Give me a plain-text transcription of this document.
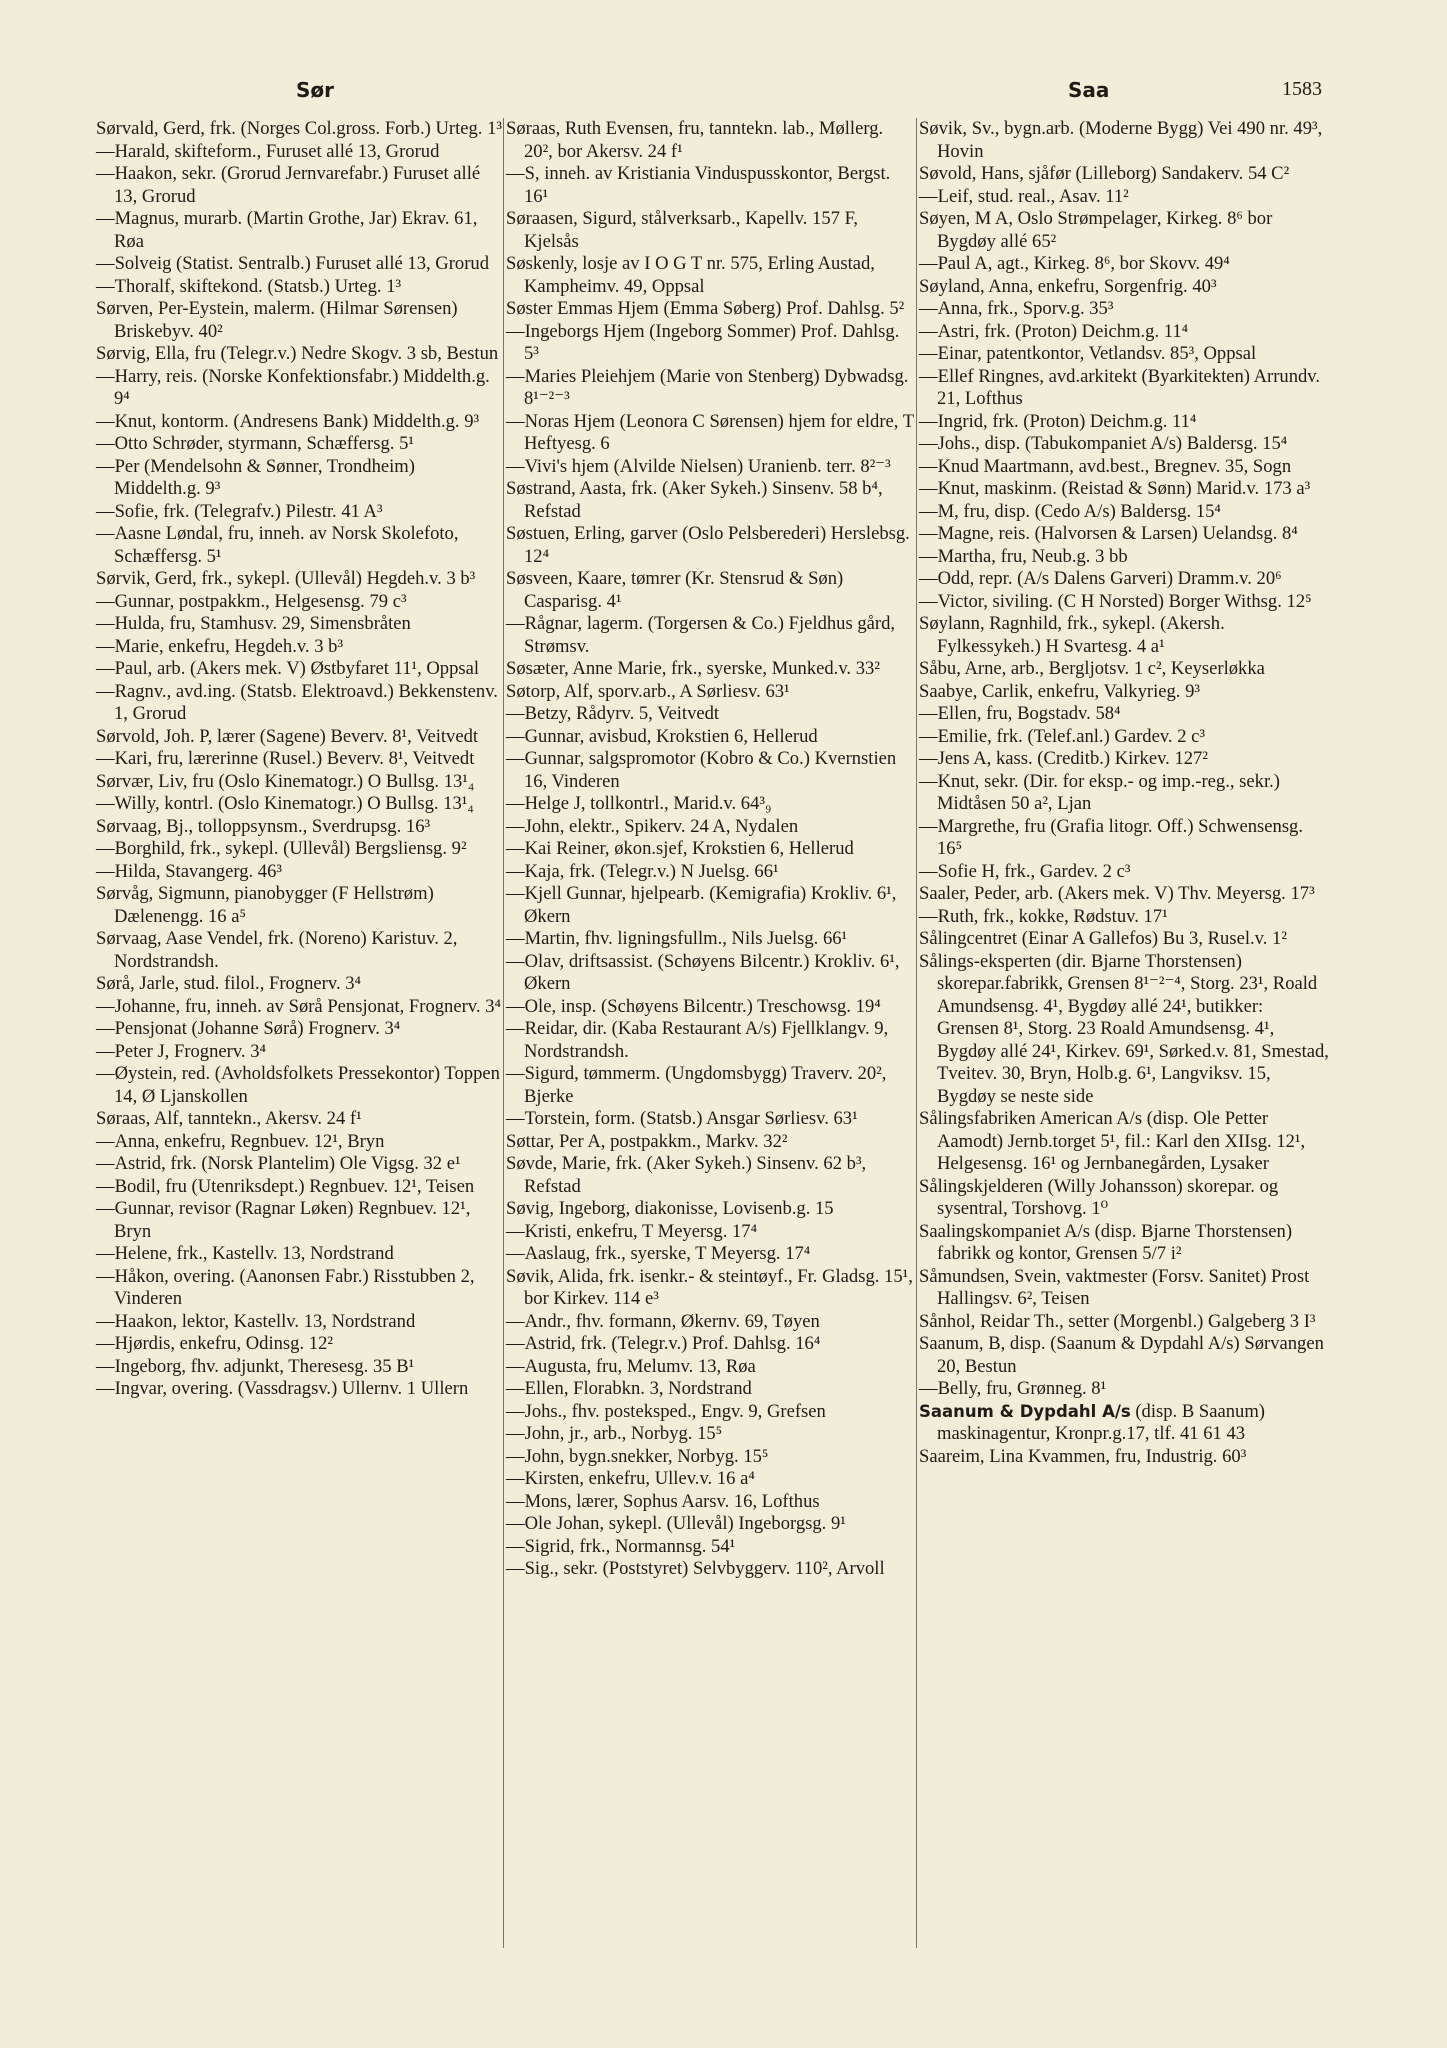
Sør	Saa	1583

Sørvald, Gerd, frk. (Norges Col.gross. Forb.) Urteg. 1³

—Harald, skifteform., Furuset allé 13, Grorud

—Haakon, sekr. (Grorud Jernvarefabr.) Furuset allé 13, Grorud

—Magnus, murarb. (Martin Grothe, Jar) Ekrav. 61, Røa

—Solveig (Statist. Sentralb.) Furuset allé 13, Grorud

—Thoralf, skiftekond. (Statsb.) Urteg. 1³

Sørven, Per-Eystein, malerm. (Hilmar Sørensen) Briskebyv. 40²

Sørvig, Ella, fru (Telegr.v.) Nedre Skogv. 3 sb, Bestun

—Harry, reis. (Norske Konfektionsfabr.) Middelth.g. 9⁴

—Knut, kontorm. (Andresens Bank) Middelth.g. 9³

—Otto Schrøder, styrmann, Schæffersg. 5¹

—Per (Mendelsohn & Sønner, Trondheim) Middelth.g. 9³

—Sofie, frk. (Telegrafv.) Pilestr. 41 A³

—Aasne Løndal, fru, inneh. av Norsk Skolefoto, Schæffersg. 5¹

Sørvik, Gerd, frk., sykepl. (Ullevål) Hegdeh.v. 3 b³

—Gunnar, postpakkm., Helgesensg. 79 c³

—Hulda, fru, Stamhusv. 29, Simensbråten

—Marie, enkefru, Hegdeh.v. 3 b³

—Paul, arb. (Akers mek. V) Østbyfaret 11¹, Oppsal

—Ragnv., avd.ing. (Statsb. Elektroavd.) Bekkenstenv. 1, Grorud

Sørvold, Joh. P, lærer (Sagene) Beverv. 8¹, Veitvedt

—Kari, fru, lærerinne (Rusel.) Beverv. 8¹, Veitvedt

Sørvær, Liv, fru (Oslo Kinematogr.) O Bullsg. 13¹₄

—Willy, kontrl. (Oslo Kinematogr.) O Bullsg. 13¹₄

Sørvaag, Bj., tolloppsynsm., Sverdrupsg. 16³

—Borghild, frk., sykepl. (Ullevål) Bergsliensg. 9²

—Hilda, Stavangerg. 46³

Sørvåg, Sigmunn, pianobygger (F Hellstrøm) Dælenengg. 16 a⁵

Sørvaag, Aase Vendel, frk. (Noreno) Karistuv. 2, Nordstrandsh.

Sørå, Jarle, stud. filol., Frognerv. 3⁴

—Johanne, fru, inneh. av Sørå Pensjonat, Frognerv. 3⁴

—Pensjonat (Johanne Sørå) Frognerv. 3⁴

—Peter J, Frognerv. 3⁴

—Øystein, red. (Avholdsfolkets Pressekontor) Toppen 14, Ø Ljanskollen

Søraas, Alf, tanntekn., Akersv. 24 f¹

—Anna, enkefru, Regnbuev. 12¹, Bryn

—Astrid, frk. (Norsk Plantelim) Ole Vigsg. 32 e¹

—Bodil, fru (Utenriksdept.) Regnbuev. 12¹, Teisen

—Gunnar, revisor (Ragnar Løken) Regnbuev. 12¹, Bryn

—Helene, frk., Kastellv. 13, Nordstrand

—Håkon, overing. (Aanonsen Fabr.) Risstubben 2, Vinderen

—Haakon, lektor, Kastellv. 13, Nordstrand

—Hjørdis, enkefru, Odinsg. 12²

—Ingeborg, fhv. adjunkt, Theresesg. 35 B¹

—Ingvar, overing. (Vassdragsv.) Ullernv. 1 Ullern

Søraas, Ruth Evensen, fru, tanntekn. lab., Møllerg. 20², bor Akersv. 24 f¹

—S, inneh. av Kristiania Vinduspusskontor, Bergst. 16¹

Søraasen, Sigurd, stålverksarb., Kapellv. 157 F, Kjelsås

Søskenly, losje av I O G T nr. 575, Erling Austad, Kampheimv. 49, Oppsal

Søster Emmas Hjem (Emma Søberg) Prof. Dahlsg. 5²

—Ingeborgs Hjem (Ingeborg Sommer) Prof. Dahlsg. 5³

—Maries Pleiehjem (Marie von Stenberg) Dybwadsg. 8¹⁻²⁻³

—Noras Hjem (Leonora C Sørensen) hjem for eldre, T Heftyesg. 6

—Vivi's hjem (Alvilde Nielsen) Uranienb. terr. 8²⁻³

Søstrand, Aasta, frk. (Aker Sykeh.) Sinsenv. 58 b⁴, Refstad

Søstuen, Erling, garver (Oslo Pelsberederi) Herslebsg. 12⁴

Søsveen, Kaare, tømrer (Kr. Stensrud & Søn) Casparisg. 4¹

—Rågnar, lagerm. (Torgersen & Co.) Fjeldhus gård, Strømsv.

Søsæter, Anne Marie, frk., syerske, Munked.v. 33²

Søtorp, Alf, sporv.arb., A Sørliesv. 63¹

—Betzy, Rådyrv. 5, Veitvedt

—Gunnar, avisbud, Krokstien 6, Hellerud

—Gunnar, salgspromotor (Kobro & Co.) Kvernstien 16, Vinderen

—Helge J, tollkontrl., Marid.v. 64³₉

—John, elektr., Spikerv. 24 A, Nydalen

—Kai Reiner, økon.sjef, Krokstien 6, Hellerud

—Kaja, frk. (Telegr.v.) N Juelsg. 66¹

—Kjell Gunnar, hjelpearb. (Kemigrafia) Krokliv. 6¹, Økern

—Martin, fhv. ligningsfullm., Nils Juelsg. 66¹

—Olav, driftsassist. (Schøyens Bilcentr.) Krokliv. 6¹, Økern

—Ole, insp. (Schøyens Bilcentr.) Treschowsg. 19⁴

—Reidar, dir. (Kaba Restaurant A/s) Fjellklangv. 9, Nordstrandsh.

—Sigurd, tømmerm. (Ungdomsbygg) Traverv. 20², Bjerke

—Torstein, form. (Statsb.) Ansgar Sørliesv. 63¹

Søttar, Per A, postpakkm., Markv. 32²

Søvde, Marie, frk. (Aker Sykeh.) Sinsenv. 62 b³, Refstad

Søvig, Ingeborg, diakonisse, Lovisenb.g. 15

—Kristi, enkefru, T Meyersg. 17⁴

—Aaslaug, frk., syerske, T Meyersg. 17⁴

Søvik, Alida, frk. isenkr.- & steintøyf., Fr. Gladsg. 15¹, bor Kirkev. 114 e³

—Andr., fhv. formann, Økernv. 69, Tøyen

—Astrid, frk. (Telegr.v.) Prof. Dahlsg. 16⁴

—Augusta, fru, Melumv. 13, Røa

—Ellen, Florabkn. 3, Nordstrand

—Johs., fhv. posteksped., Engv. 9, Grefsen

—John, jr., arb., Norbyg. 15⁵

—John, bygn.snekker, Norbyg. 15⁵

—Kirsten, enkefru, Ullev.v. 16 a⁴

—Mons, lærer, Sophus Aarsv. 16, Lofthus

—Ole Johan, sykepl. (Ullevål) Ingeborgsg. 9¹

—Sigrid, frk., Normannsg. 54¹

—Sig., sekr. (Poststyret) Selvbyggerv. 110², Arvoll

Søvik, Sv., bygn.arb. (Moderne Bygg) Vei 490 nr. 49³, Hovin

Søvold, Hans, sjåfør (Lilleborg) Sandakerv. 54 C²

—Leif, stud. real., Asav. 11²

Søyen, M A, Oslo Strømpelager, Kirkeg. 8⁶ bor Bygdøy allé 65²

—Paul A, agt., Kirkeg. 8⁶, bor Skovv. 49⁴

Søyland, Anna, enkefru, Sorgenfrig. 40³

—Anna, frk., Sporv.g. 35³

—Astri, frk. (Proton) Deichm.g. 11⁴

—Einar, patentkontor, Vetlandsv. 85³, Oppsal

—Ellef Ringnes, avd.arkitekt (Byarkitekten) Arrundv. 21, Lofthus

—Ingrid, frk. (Proton) Deichm.g. 11⁴

—Johs., disp. (Tabukompaniet A/s) Baldersg. 15⁴

—Knud Maartmann, avd.best., Bregnev. 35, Sogn

—Knut, maskinm. (Reistad & Sønn) Marid.v. 173 a³

—M, fru, disp. (Cedo A/s) Baldersg. 15⁴

—Magne, reis. (Halvorsen & Larsen) Uelandsg. 8⁴

—Martha, fru, Neub.g. 3 bb

—Odd, repr. (A/s Dalens Garveri) Dramm.v. 20⁶

—Victor, siviling. (C H Norsted) Borger Withsg. 12⁵

Søylann, Ragnhild, frk., sykepl. (Akersh. Fylkessykeh.) H Svartesg. 4 a¹

Såbu, Arne, arb., Bergljotsv. 1 c², Keyserløkka

Saabye, Carlik, enkefru, Valkyrieg. 9³

—Ellen, fru, Bogstadv. 58⁴

—Emilie, frk. (Telef.anl.) Gardev. 2 c³

—Jens A, kass. (Creditb.) Kirkev. 127²

—Knut, sekr. (Dir. for eksp.- og imp.-reg., sekr.) Midtåsen 50 a², Ljan

—Margrethe, fru (Grafia litogr. Off.) Schwensensg. 16⁵

—Sofie H, frk., Gardev. 2 c³

Saaler, Peder, arb. (Akers mek. V) Thv. Meyersg. 17³

—Ruth, frk., kokke, Rødstuv. 17¹

Sålingcentret (Einar A Gallefos) Bu 3, Rusel.v. 1²

Sålings-eksperten (dir. Bjarne Thorstensen) skorepar.fabrikk, Grensen 8¹⁻²⁻⁴, Storg. 23¹, Roald Amundsensg. 4¹, Bygdøy allé 24¹, butikker: Grensen 8¹, Storg. 23 Roald Amundsensg. 4¹, Bygdøy allé 24¹, Kirkev. 69¹, Sørked.v. 81, Smestad, Tveitev. 30, Bryn, Holb.g. 6¹, Langviksv. 15, Bygdøy se neste side

Sålingsfabriken American A/s (disp. Ole Petter Aamodt) Jernb.torget 5¹, fil.: Karl den XIIsg. 12¹, Helgesensg. 16¹ og Jernbanegården, Lysaker

Sålingskjelderen (Willy Johansson) skorepar. og sysentral, Torshovg. 1⁰

Saalingskompaniet A/s (disp. Bjarne Thorstensen) fabrikk og kontor, Grensen 5/7 i²

Såmundsen, Svein, vaktmester (Forsv. Sanitet) Prost Hallingsv. 6², Teisen

Sånhol, Reidar Th., setter (Morgenbl.) Galgeberg 3 I³

Saanum, B, disp. (Saanum & Dypdahl A/s) Sørvangen 20, Bestun

—Belly, fru, Grønneg. 8¹

Saanum & Dypdahl A/s (disp. B Saanum) maskinagentur, Kronpr.g.17, tlf. 41 61 43

Saareim, Lina Kvammen, fru, Industrig. 60³
